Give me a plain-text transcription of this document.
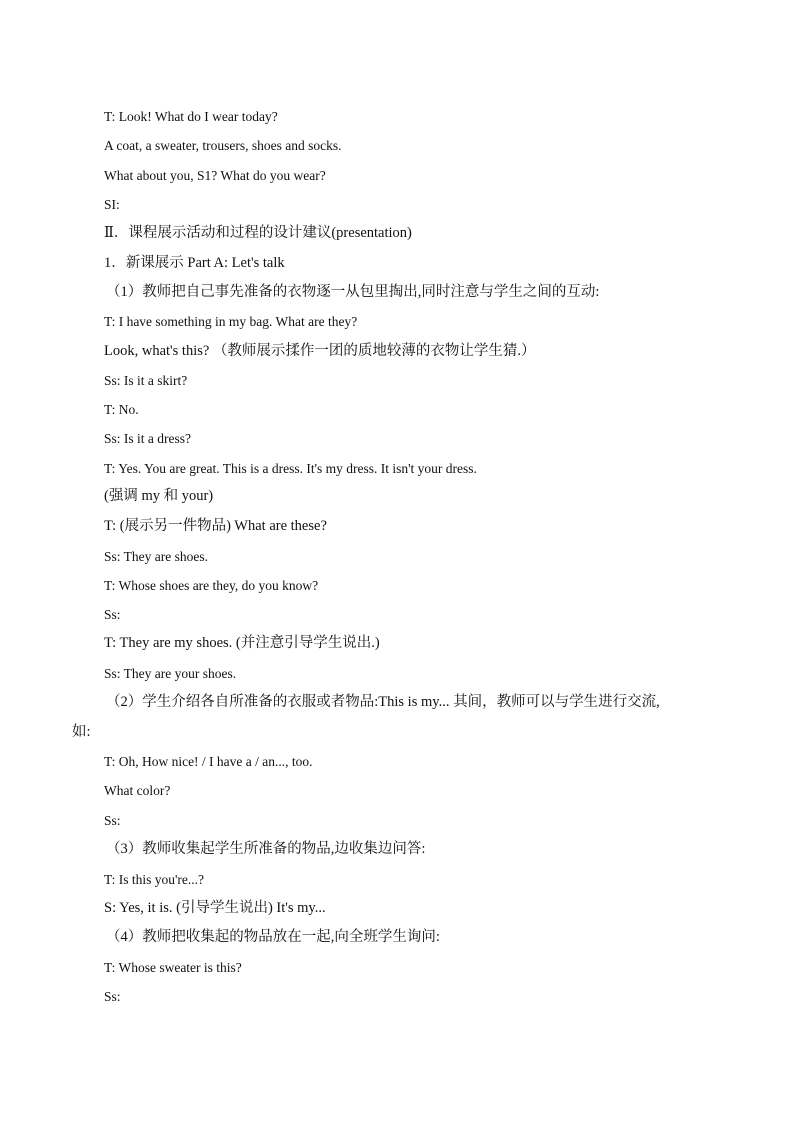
T: Look! What do I wear today?
A coat, a sweater, trousers, shoes and socks.
What about you, S1? What do you wear?
SI:
Ⅱ．课程展示活动和过程的设计建议(presentation)
1．新课展示 Part A: Let's talk
（1）教师把自己事先准备的衣物逐一从包里掏出,同时注意与学生之间的互动:
T: I have something in my bag. What are they?
Look, what's this? （教师展示揉作一团的质地较薄的衣物让学生猜.）
Ss: Is it a skirt?
T: No.
Ss: Is it a dress?
T: Yes. You are great. This is a dress. It's my dress. It isn't your dress.
(强调 my 和 your)
T: (展示另一件物品) What are these?
Ss: They are shoes.
T: Whose shoes are they, do you know?
Ss:
T: They are my shoes. (并注意引导学生说出.)
Ss: They are your shoes.
（2）学生介绍各自所准备的衣服或者物品:This is my... 其间，教师可以与学生进行交流,
如:
T: Oh, How nice! / I have a / an..., too.
What color?
Ss:
（3）教师收集起学生所准备的物品,边收集边问答:
T: Is this you're...?
S: Yes, it is. (引导学生说出) It's my...
（4）教师把收集起的物品放在一起,向全班学生询问:
T: Whose sweater is this?
Ss:
